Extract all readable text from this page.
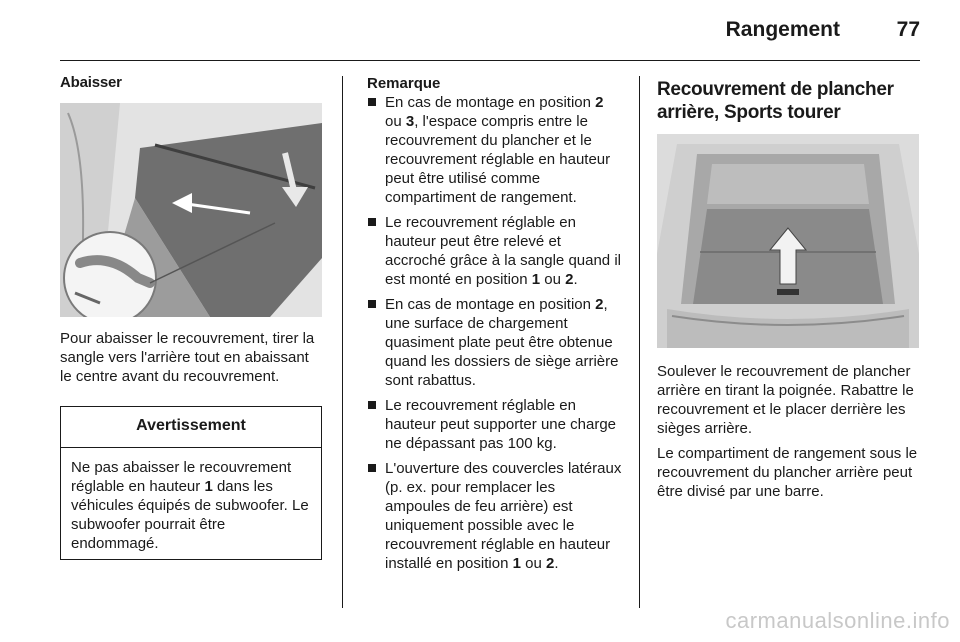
Rangement	77
Abaisser

Pour abaisser le recouvrement, tirer la sangle vers l'arrière tout en abaissant le centre avant du recouvrement.

Avertissement

Ne pas abaisser le recouvrement réglable en hauteur 1 dans les véhicules équipés de subwoofer. Le subwoofer pourrait être endommagé.

Remarque
En cas de montage en position 2 ou 3, l'espace compris entre le recouvrement du plancher et le recouvrement réglable en hauteur peut être utilisé comme compartiment de rangement.
Le recouvrement réglable en hauteur peut être relevé et accroché grâce à la sangle quand il est monté en position 1 ou 2.
En cas de montage en position 2, une surface de chargement quasiment plate peut être obtenue quand les dossiers de siège arrière sont rabattus.
Le recouvrement réglable en hauteur peut supporter une charge ne dépassant pas 100 kg.
L'ouverture des couvercles latéraux (p. ex. pour remplacer les ampoules de feu arrière) est uniquement possible avec le recouvrement réglable en hauteur installé en position 1 ou 2.
Recouvrement de plancher arrière, Sports tourer

Soulever le recouvrement de plancher arrière en tirant la poignée. Rabattre le recouvrement et le placer derrière les sièges arrière.

Le compartiment de rangement sous le recouvrement du plancher arrière peut être divisé par une barre.

carmanualsonline.info
